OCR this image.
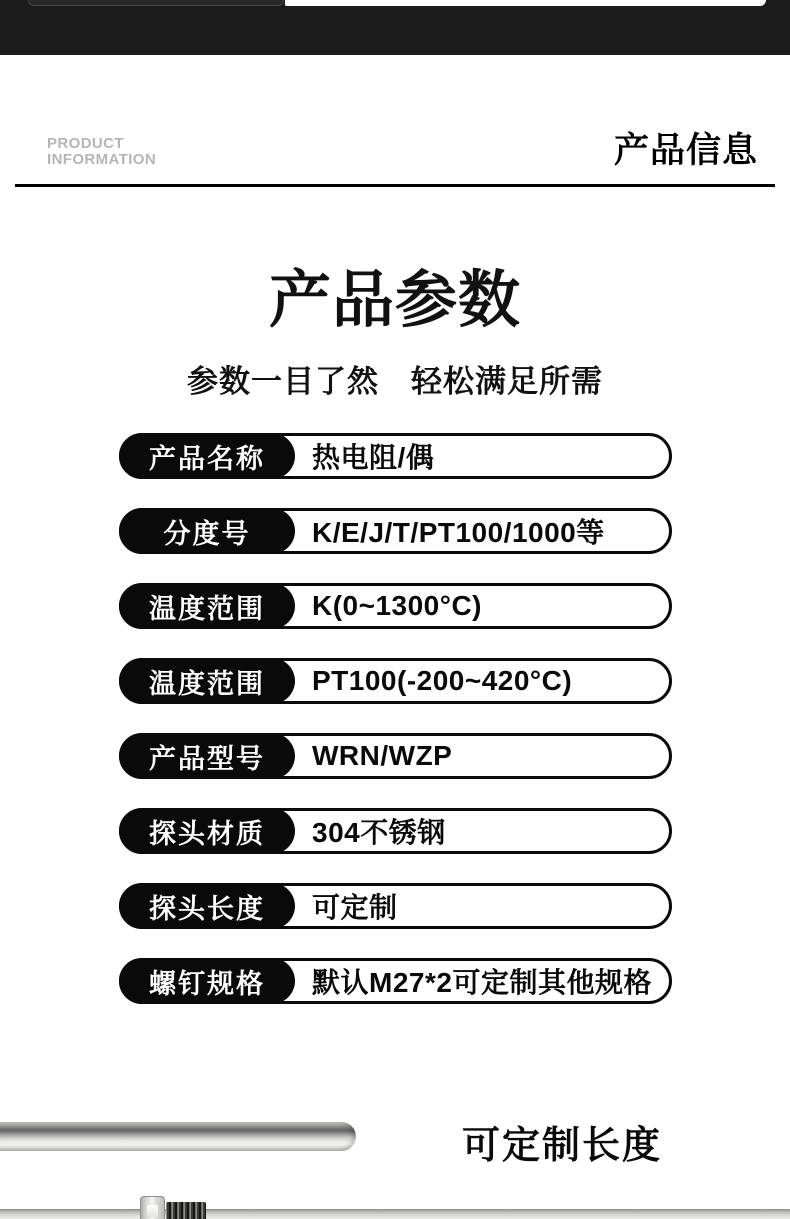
PRODUCT
INFORMATION	产品信息
产品参数
参数一目了然　轻松满足所需
产品名称	热电阻/偶
分度号	K/E/J/T/PT100/1000等
温度范围	K(0~1300°C)
温度范围	PT100(-200~420°C)
产品型号	WRN/WZP
探头材质	304不锈钢
探头长度	可定制
螺钉规格	默认M27*2可定制其他规格
可定制长度
